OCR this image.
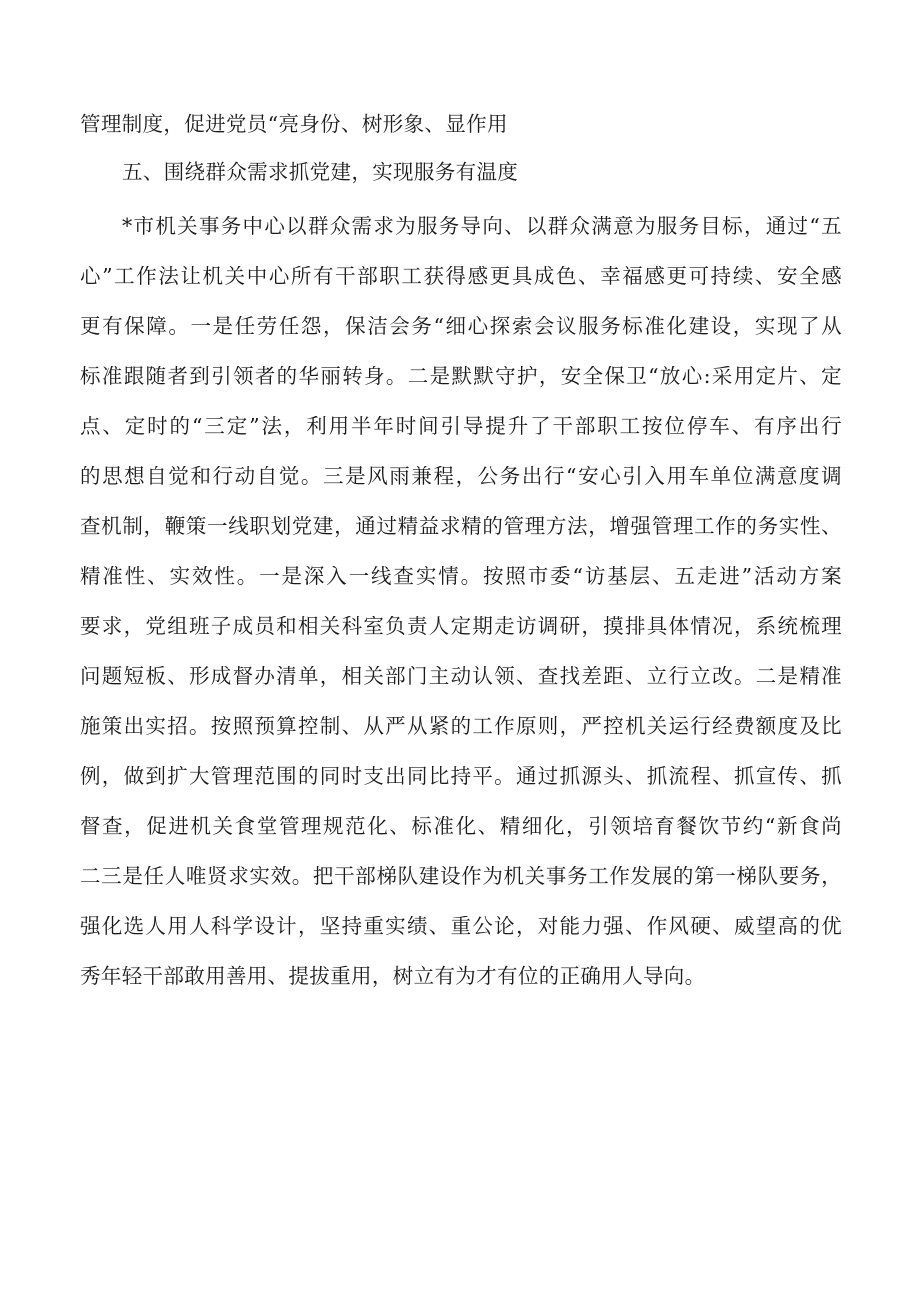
管理制度，促进党员“亮身份、树形象、显作用
五、围绕群众需求抓党建，实现服务有温度
*市机关事务中心以群众需求为服务导向、以群众满意为服务目标，通过“五
心”工作法让机关中心所有干部职工获得感更具成色、幸福感更可持续、安全感
更有保障。一是任劳任怨，保洁会务“细心探索会议服务标准化建设，实现了从
标准跟随者到引领者的华丽转身。二是默默守护，安全保卫“放心:采用定片、定
点、定时的“三定”法，利用半年时间引导提升了干部职工按位停车、有序出行
的思想自觉和行动自觉。三是风雨兼程，公务出行“安心引入用车单位满意度调
查机制，鞭策一线职划党建，通过精益求精的管理方法，增强管理工作的务实性、
精准性、实效性。一是深入一线查实情。按照市委“访基层、五走进”活动方案
要求，党组班子成员和相关科室负责人定期走访调研，摸排具体情况，系统梳理
问题短板、形成督办清单，相关部门主动认领、查找差距、立行立改。二是精准
施策出实招。按照预算控制、从严从紧的工作原则，严控机关运行经费额度及比
例，做到扩大管理范围的同时支出同比持平。通过抓源头、抓流程、抓宣传、抓
督查，促进机关食堂管理规范化、标准化、精细化，引领培育餐饮节约“新食尚
二三是任人唯贤求实效。把干部梯队建设作为机关事务工作发展的第一梯队要务，
强化选人用人科学设计，坚持重实绩、重公论，对能力强、作风硬、威望高的优
秀年轻干部敢用善用、提拔重用，树立有为才有位的正确用人导向。
